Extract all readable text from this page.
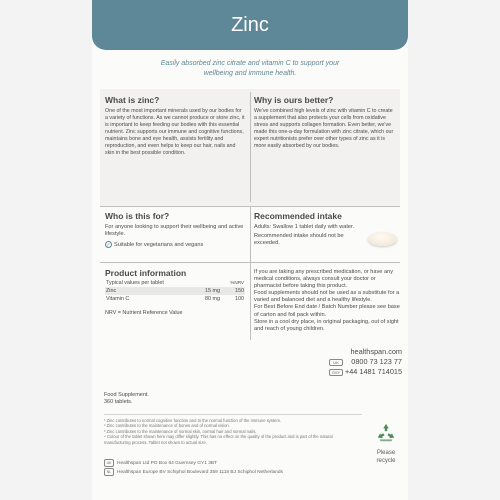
Zinc
Easily absorbed zinc citrate and vitamin C to support your wellbeing and immune health.
What is zinc?

One of the most important minerals used by our bodies for a variety of functions. As we cannot produce or store zinc, it is important to keep feeding our bodies with this essential nutrient. Zinc supports our immune and cognitive functions, maintains bone and eye health, assists fertility and reproduction, and even helps to keep our hair, nails and skin in the best possible condition.

Why is ours better?

We've combined high levels of zinc with vitamin C to create a supplement that also protects your cells from oxidative stress and supports collagen formation. Even better, we've made this one-a-day formulation with zinc citrate, which our expert nutritionists prefer over other types of zinc as it is more easily absorbed by our bodies.

Who is this for?

For anyone looking to support their wellbeing and active lifestyle.

✓ Suitable for vegetarians and vegans

Recommended intake

Adults: Swallow 1 tablet daily with water.

Recommended intake should not be exceeded.

Product information
Typical values per tablet		%NRV
Zinc	15 mg	150
Vitamin C	80 mg	100

NRV = Nutrient Reference Value

If you are taking any prescribed medication, or have any medical conditions, always consult your doctor or pharmacist before taking this product.

Food supplements should not be used as a substitute for a varied and balanced diet and a healthy lifestyle.

For Best Before End date / Batch Number please see base of carton and foil pack within.

Store in a cool dry place, in original packaging, out of sight and reach of young children.

healthspan.com
0800 73 123 77
+44 1481 714015
UK
GSY
Food Supplement.
360 tablets.
¹ Zinc contributes to normal cognitive function and to the normal function of the immune system.
² Zinc contributes to the maintenance of bones and of normal vision.
³ Zinc contributes to the maintenance of normal skin, normal hair and normal nails.
⁴ Colour of the tablet shown here may differ slightly. This has no effect on the quality of the product and is part of the natural manufacturing process. Tablet not shown to actual size.
UK Healthspan Ltd PO Box 64 Guernsey GY1 3BT
NL Healthspan Europe BV Schiphol Boulevard 359 1118 BJ Schiphol Netherlands
Please
recycle
